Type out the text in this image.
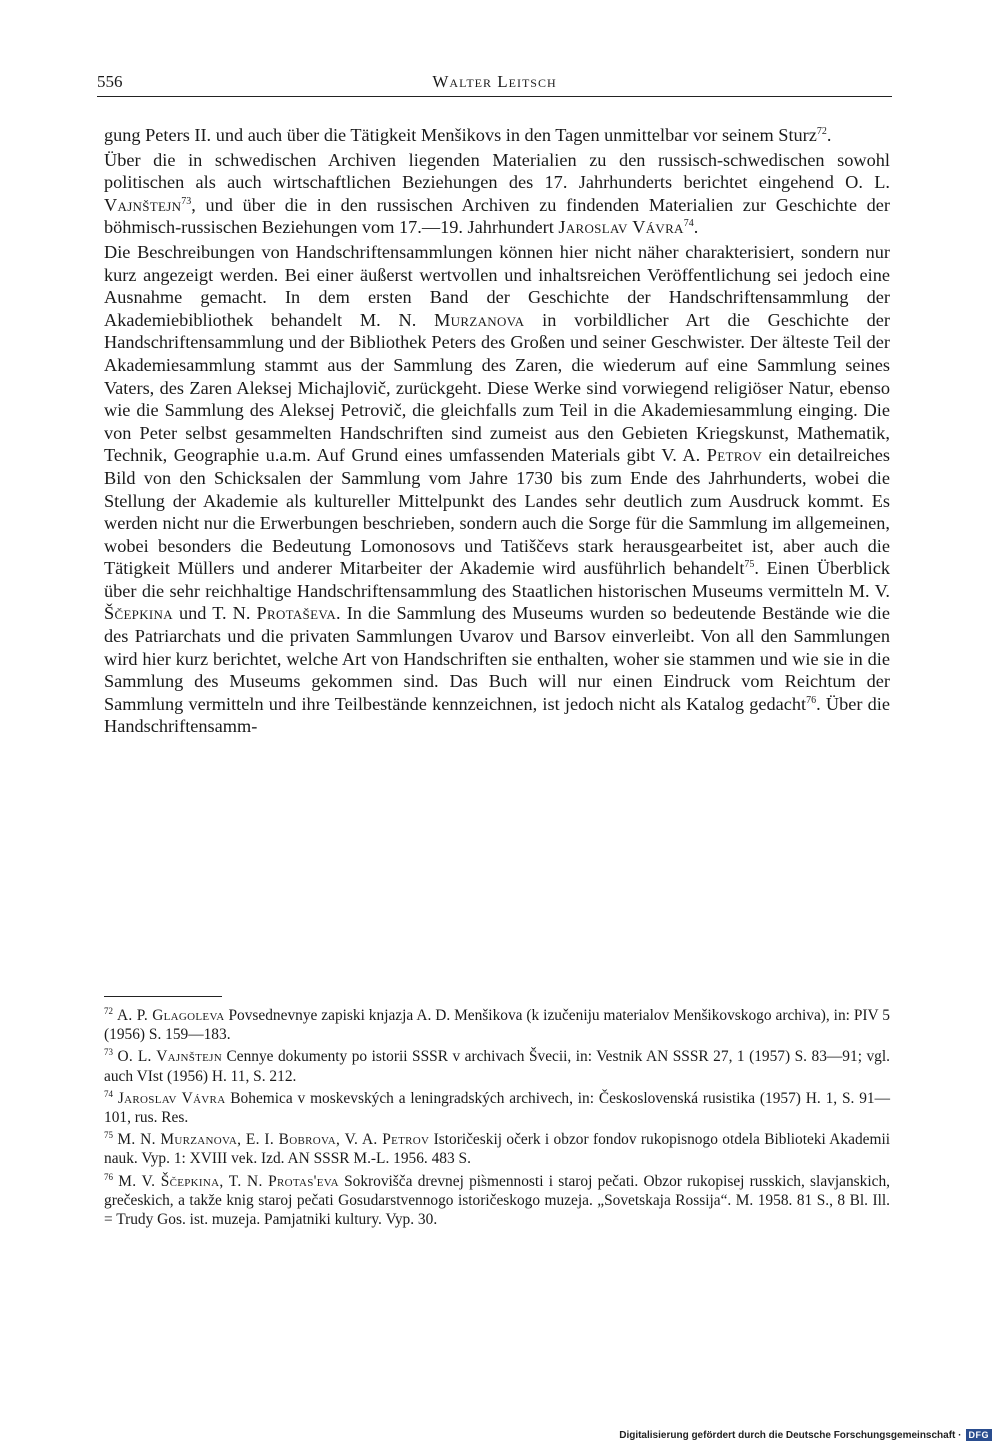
556	Walter Leitsch

gung Peters II. und auch über die Tätigkeit Menšikovs in den Tagen unmittelbar vor seinem Sturz$^{72}$.

Über die in schwedischen Archiven liegenden Materialien zu den russisch-schwedischen sowohl politischen als auch wirtschaftlichen Beziehungen des 17. Jahrhunderts berichtet eingehend O. L. Vajnštejn$^{73}$, und über die in den russischen Archiven zu findenden Materialien zur Geschichte der böhmisch-russischen Beziehungen vom 17.—19. Jahrhundert Jaroslav Vávra$^{74}$.

Die Beschreibungen von Handschriftensammlungen können hier nicht näher charakterisiert, sondern nur kurz angezeigt werden. Bei einer äußerst wertvollen und inhaltsreichen Veröffentlichung sei jedoch eine Ausnahme gemacht. In dem ersten Band der Geschichte der Handschriftensammlung der Akademiebibliothek behandelt M. N. Murzanova in vorbildlicher Art die Geschichte der Handschriftensammlung und der Bibliothek Peters des Großen und seiner Geschwister. Der älteste Teil der Akademiesammlung stammt aus der Sammlung des Zaren, die wiederum auf eine Sammlung seines Vaters, des Zaren Aleksej Michajlovič, zurückgeht. Diese Werke sind vorwiegend religiöser Natur, ebenso wie die Sammlung des Aleksej Petrovič, die gleichfalls zum Teil in die Akademiesammlung einging. Die von Peter selbst gesammelten Handschriften sind zumeist aus den Gebieten Kriegskunst, Mathematik, Technik, Geographie u.a.m. Auf Grund eines umfassenden Materials gibt V. A. Petrov ein detailreiches Bild von den Schicksalen der Sammlung vom Jahre 1730 bis zum Ende des Jahrhunderts, wobei die Stellung der Akademie als kultureller Mittelpunkt des Landes sehr deutlich zum Ausdruck kommt. Es werden nicht nur die Erwerbungen beschrieben, sondern auch die Sorge für die Sammlung im allgemeinen, wobei besonders die Bedeutung Lomonosovs und Tatiščevs stark herausgearbeitet ist, aber auch die Tätigkeit Müllers und anderer Mitarbeiter der Akademie wird ausführlich behandelt$^{75}$. Einen Überblick über die sehr reichhaltige Handschriftensammlung des Staatlichen historischen Museums vermitteln M. V. Ščepkina und T. N. Protaševa. In die Sammlung des Museums wurden so bedeutende Bestände wie die des Patriarchats und die privaten Sammlungen Uvarov und Barsov einverleibt. Von all den Sammlungen wird hier kurz berichtet, welche Art von Handschriften sie enthalten, woher sie stammen und wie sie in die Sammlung des Museums gekommen sind. Das Buch will nur einen Eindruck vom Reichtum der Sammlung vermitteln und ihre Teilbestände kennzeichnen, ist jedoch nicht als Katalog gedacht$^{76}$. Über die Handschriftensamm-

$^{72}$ A. P. Glagoleva Povsednevnye zapiski knjazja A. D. Menšikova (k izučeniju materialov Menšikovskogo archiva), in: PIV 5 (1956) S. 159—183.

$^{73}$ O. L. Vajnštejn Cennye dokumenty po istorii SSSR v archivach Švecii, in: Vestnik AN SSSR 27, 1 (1957) S. 83—91; vgl. auch VIst (1956) H. 11, S. 212.

$^{74}$ Jaroslav Vávra Bohemica v moskevských a leningradských archivech, in: Československá rusistika (1957) H. 1, S. 91—101, rus. Res.

$^{75}$ M. N. Murzanova, E. I. Bobrova, V. A. Petrov Istoričeskij očerk i obzor fondov rukopisnogo otdela Biblioteki Akademii nauk. Vyp. 1: XVIII vek. Izd. AN SSSR M.-L. 1956. 483 S.

$^{76}$ M. V. Ščepkina, T. N. Protas'eva Sokrovišča drevnej pis̀mennosti i staroj pečati. Obzor rukopisej russkich, slavjanskich, grečeskich, a takže knig staroj pečati Gosudarstvennogo istoričeskogo muzeja. „Sovetskaja Rossija“. M. 1958. 81 S., 8 Bl. Ill. = Trudy Gos. ist. muzeja. Pamjatniki kultury. Vyp. 30.

Digitalisierung gefördert durch die Deutsche Forschungsgemeinschaft · DFG
